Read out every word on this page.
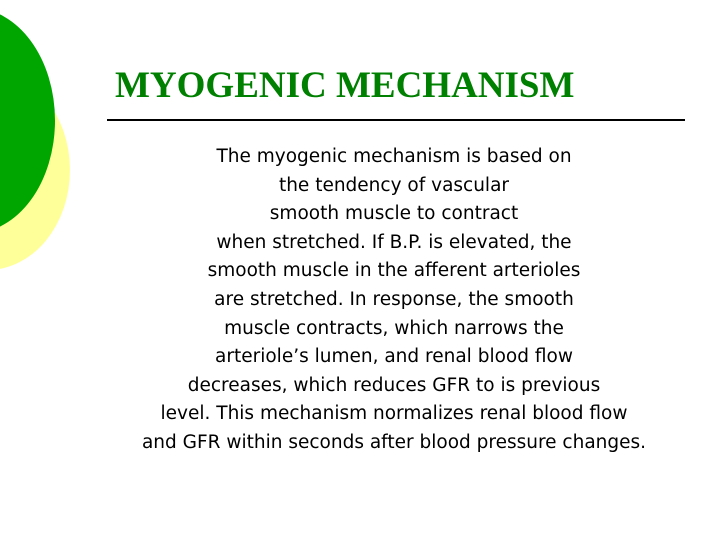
MYOGENIC MECHANISM

The myogenic mechanism is based on
the tendency of vascular
smooth muscle to contract
when stretched. If B.P. is elevated, the
smooth muscle in the afferent arterioles
are stretched. In response, the smooth
muscle contracts, which narrows the
arteriole’s lumen, and renal blood flow
decreases, which reduces GFR to is previous
level. This mechanism normalizes renal blood flow
and GFR within seconds after blood pressure changes.
